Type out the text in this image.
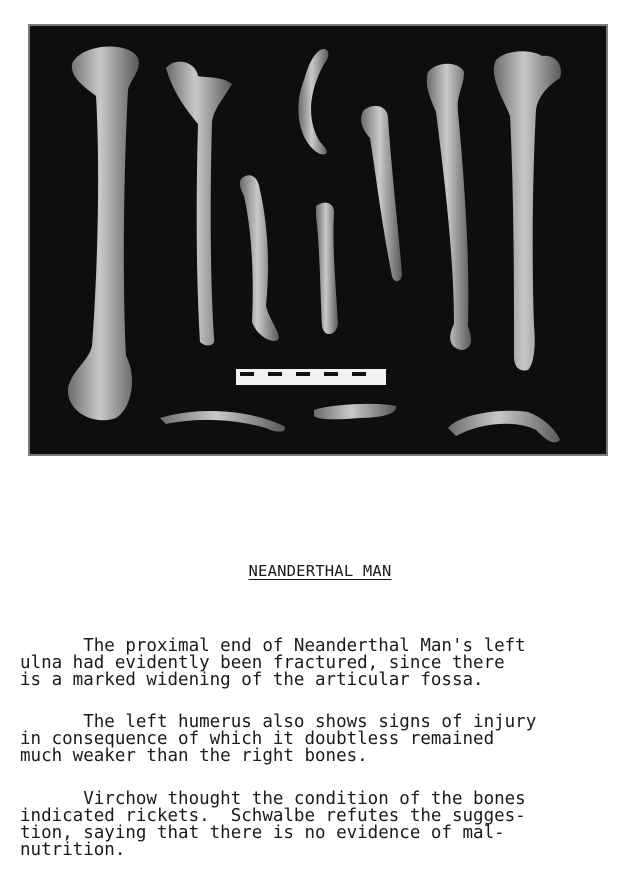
NEANDERTHAL MAN
The proximal end of Neanderthal Man's left
ulna had evidently been fractured, since there
is a marked widening of the articular fossa.
The left humerus also shows signs of injury
in consequence of which it doubtless remained
much weaker than the right bones.
Virchow thought the condition of the bones
indicated rickets.  Schwalbe refutes the sugges-
tion, saying that there is no evidence of mal-
nutrition.
